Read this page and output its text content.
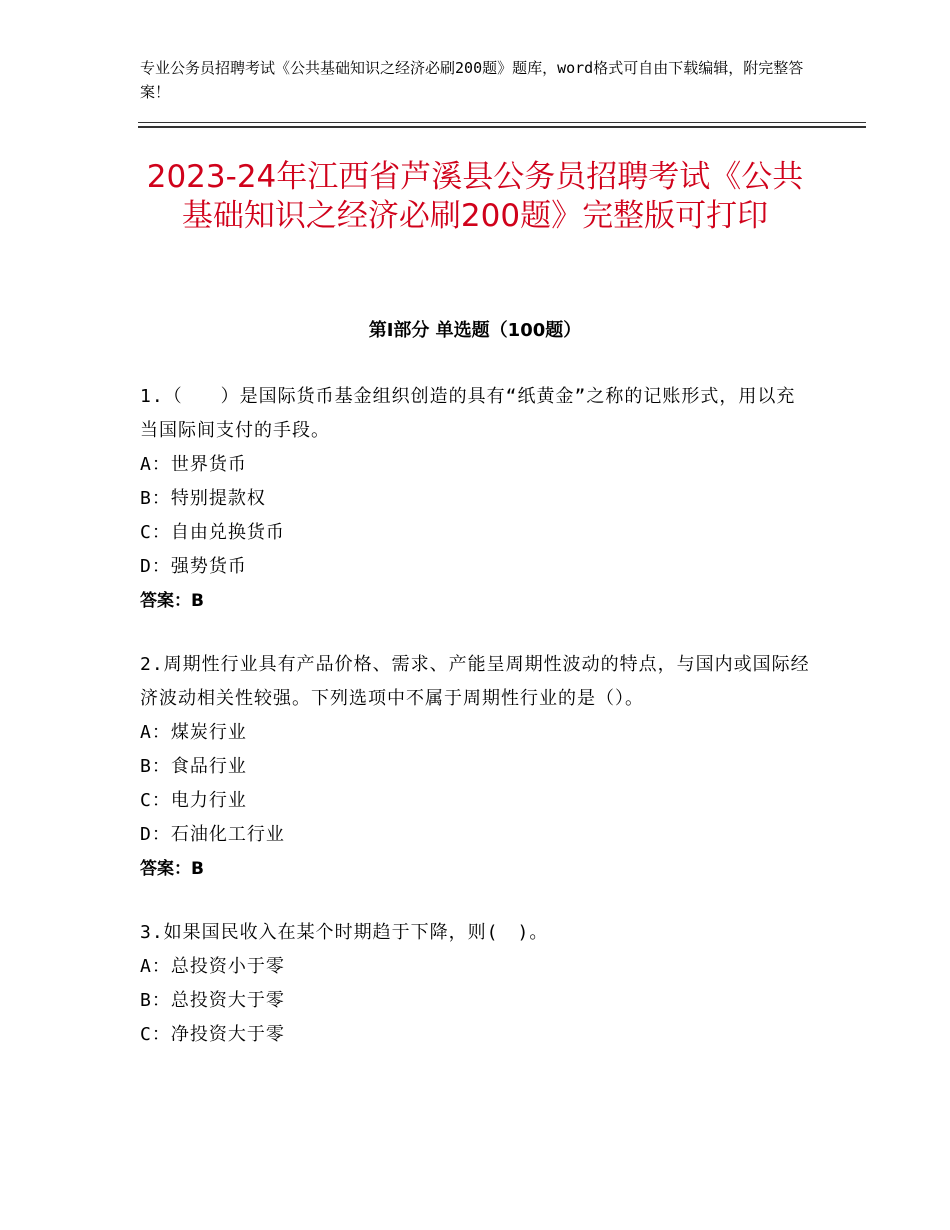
专业公务员招聘考试《公共基础知识之经济必刷200题》题库，word格式可自由下载编辑，附完整答案！
2023-24年江西省芦溪县公务员招聘考试《公共基础知识之经济必刷200题》完整版可打印
第I部分 单选题（100题）
1.（　　）是国际货币基金组织创造的具有“纸黄金”之称的记账形式，用以充当国际间支付的手段。
A：世界货币
B：特别提款权
C：自由兑换货币
D：强势货币
答案：B
2.周期性行业具有产品价格、需求、产能呈周期性波动的特点，与国内或国际经济波动相关性较强。下列选项中不属于周期性行业的是（）。
A：煤炭行业
B：食品行业
C：电力行业
D：石油化工行业
答案：B
3.如果国民收入在某个时期趋于下降，则(　)。
A：总投资小于零
B：总投资大于零
C：净投资大于零
